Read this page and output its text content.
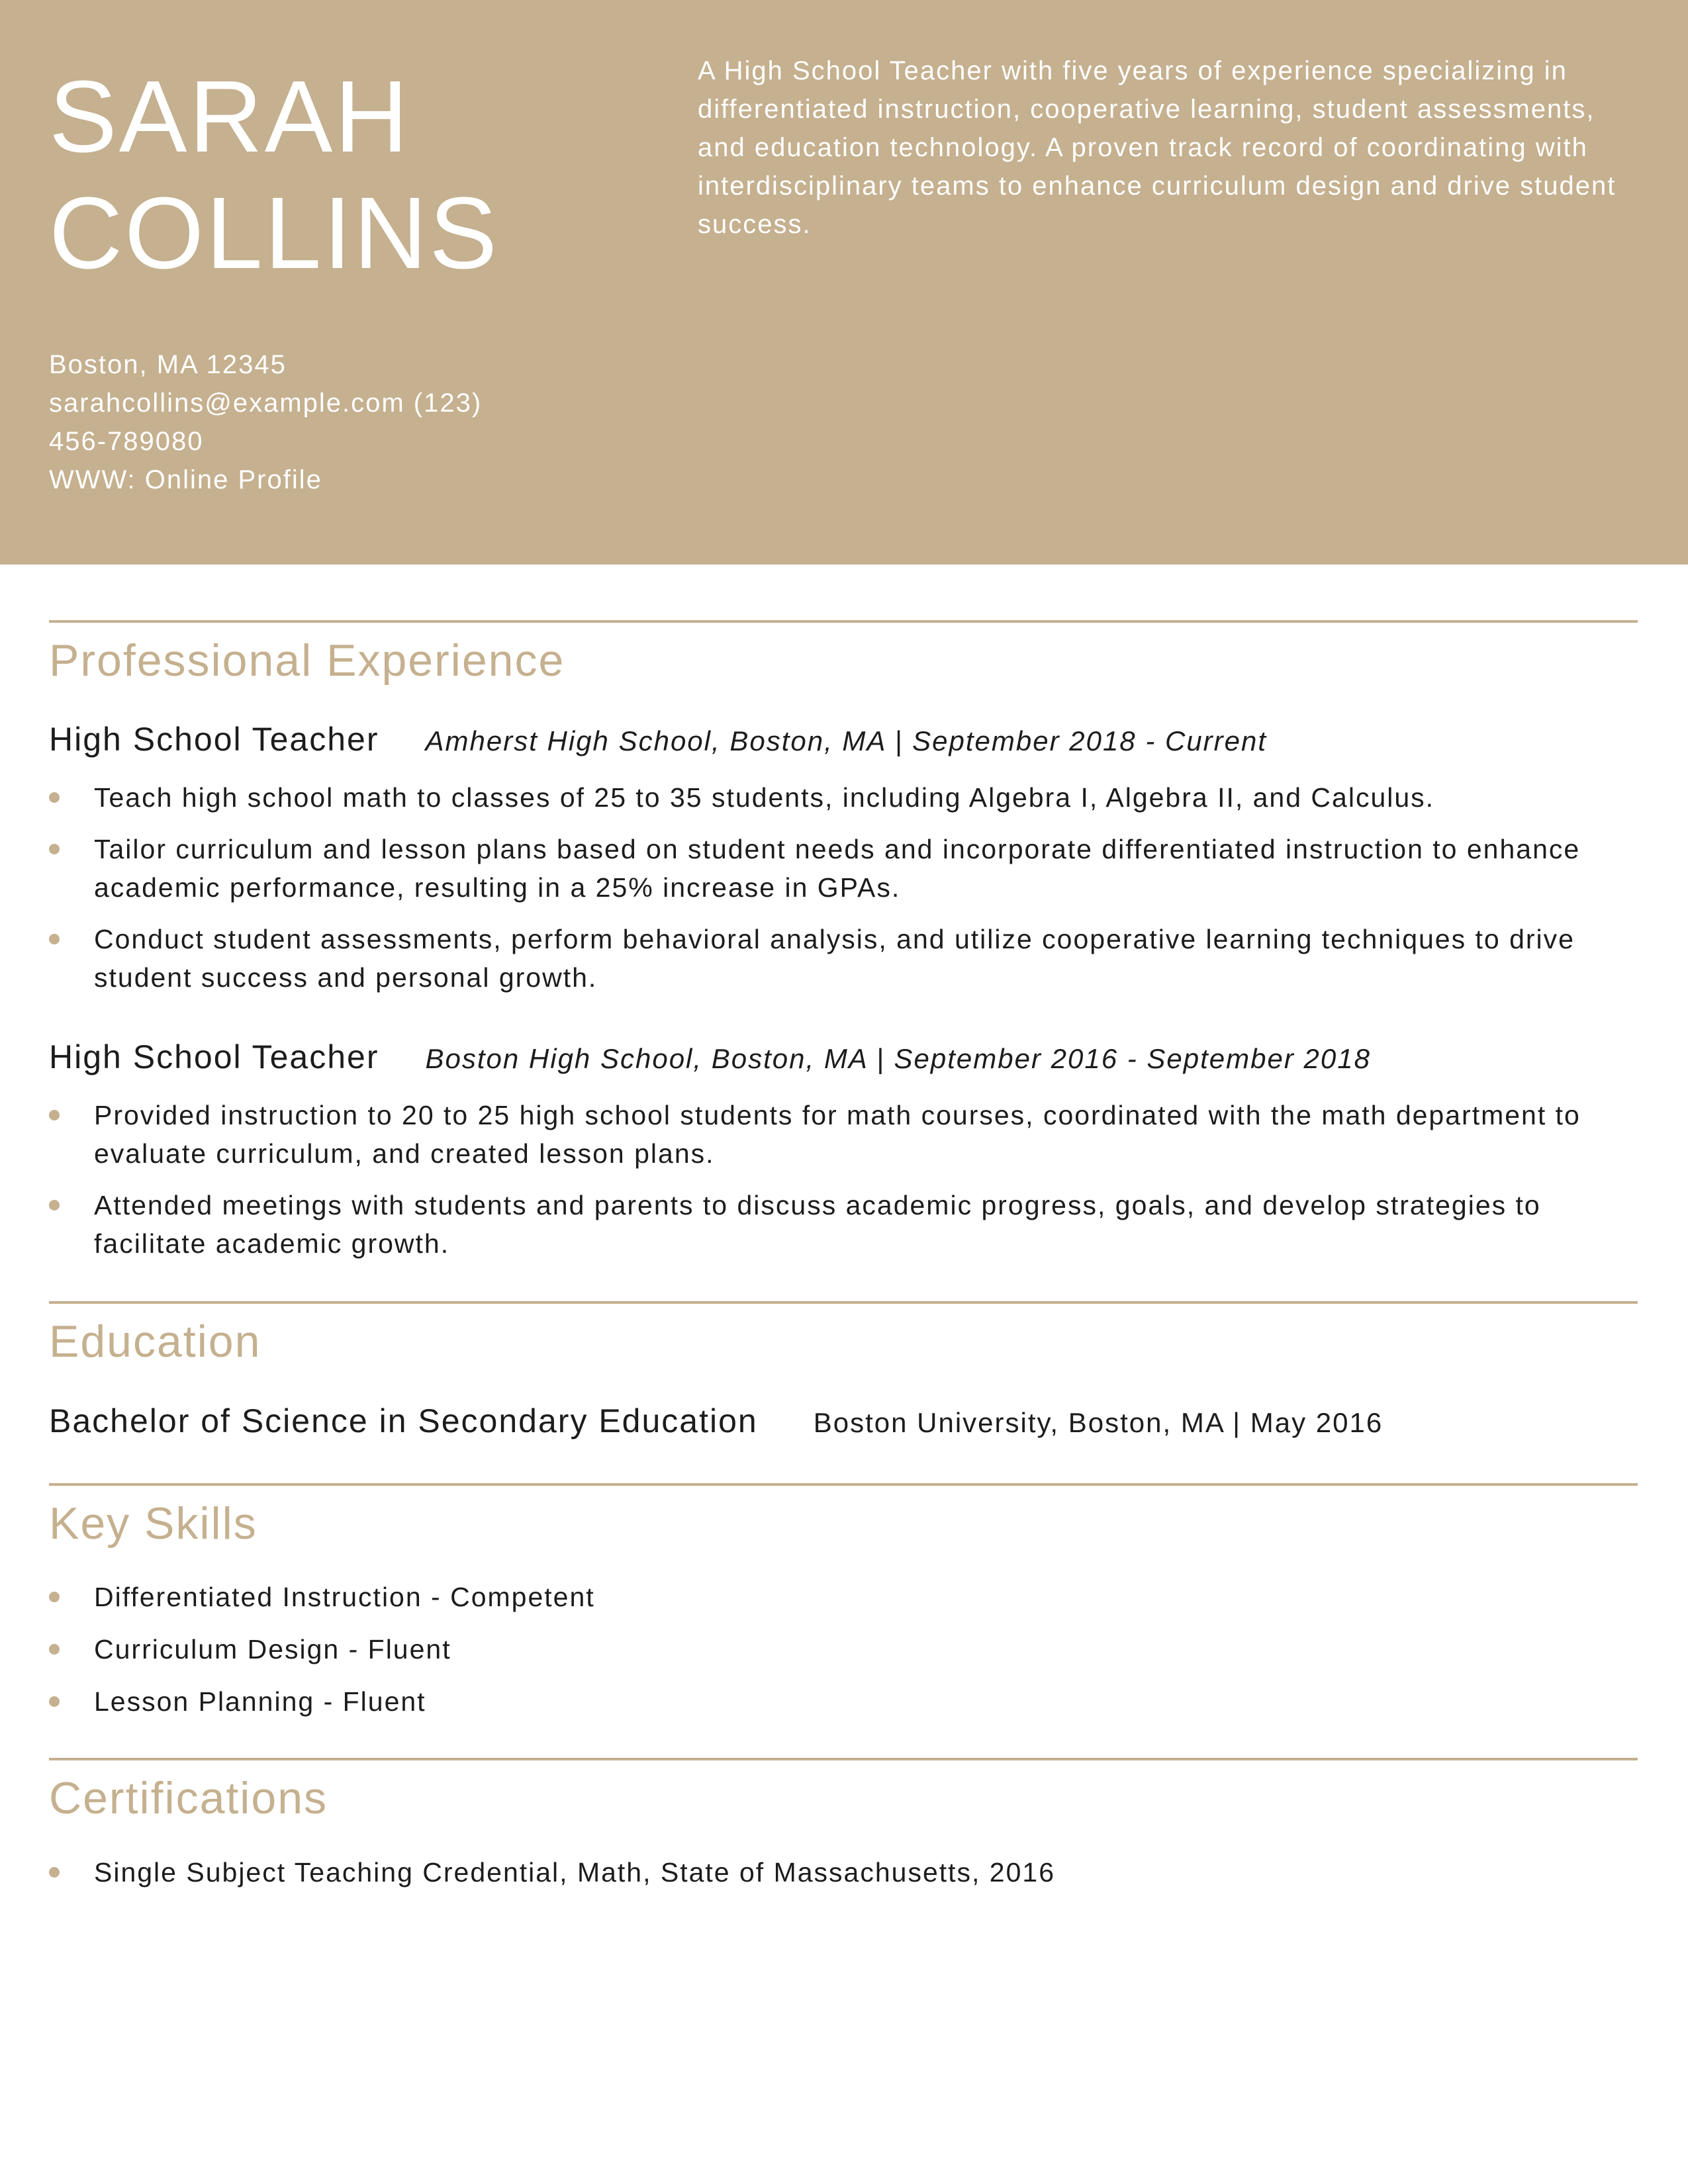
SARAH
COLLINS
A High School Teacher with five years of experience specializing in differentiated instruction, cooperative learning, student assessments, and education technology. A proven track record of coordinating with interdisciplinary teams to enhance curriculum design and drive student success.
Boston, MA 12345
sarahcollins@example.com (123)
456-789080
WWW: Online Profile
Professional Experience
High School Teacher Amherst High School, Boston, MA | September 2018 - Current
Teach high school math to classes of 25 to 35 students, including Algebra I, Algebra II, and Calculus.
Tailor curriculum and lesson plans based on student needs and incorporate differentiated instruction to enhance academic performance, resulting in a 25% increase in GPAs.
Conduct student assessments, perform behavioral analysis, and utilize cooperative learning techniques to drive student success and personal growth.
High School Teacher Boston High School, Boston, MA | September 2016 - September 2018
Provided instruction to 20 to 25 high school students for math courses, coordinated with the math department to evaluate curriculum, and created lesson plans.
Attended meetings with students and parents to discuss academic progress, goals, and develop strategies to facilitate academic growth.
Education
Bachelor of Science in Secondary Education Boston University, Boston, MA | May 2016
Key Skills
Differentiated Instruction - Competent
Curriculum Design - Fluent
Lesson Planning - Fluent
Certifications
Single Subject Teaching Credential, Math, State of Massachusetts, 2016
